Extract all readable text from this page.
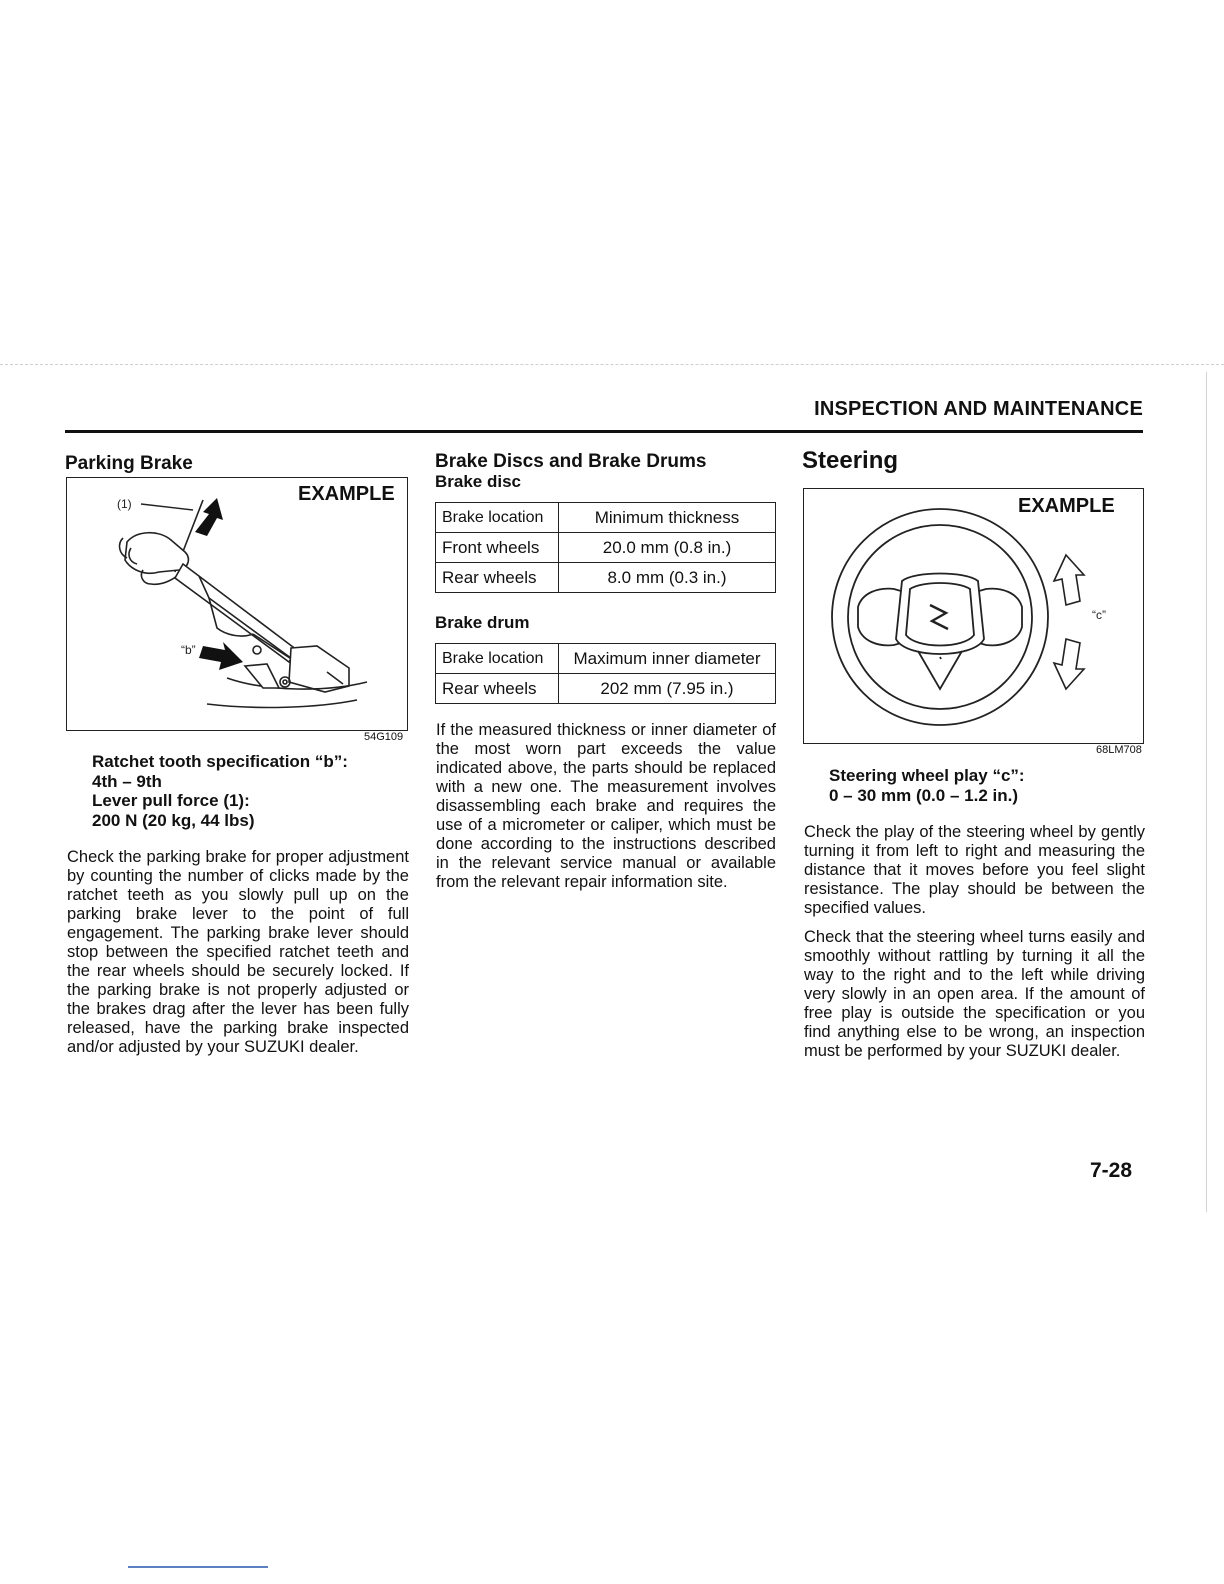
INSPECTION AND MAINTENANCE
Parking Brake
(1)
“b”
EXAMPLE
54G109
Ratchet tooth specification “b”:
4th – 9th
Lever pull force (1):
200 N (20 kg, 44 lbs)

Check the parking brake for proper adjustment by counting the number of clicks made by the ratchet teeth as you slowly pull up on the parking brake lever to the point of full engagement. The parking brake lever should stop between the specified ratchet teeth and the rear wheels should be securely locked. If the parking brake is not properly adjusted or the brakes drag after the lever has been fully released, have the parking brake inspected and/or adjusted by your SUZUKI dealer.

Brake Discs and Brake Drums
Brake disc
Brake location	Minimum thickness
Front wheels	20.0 mm (0.8 in.)
Rear wheels	8.0 mm (0.3 in.)
Brake drum
Brake location	Maximum inner diameter
Rear wheels	202 mm (7.95 in.)

If the measured thickness or inner diameter of the most worn part exceeds the value indicated above, the parts should be replaced with a new one. The measurement involves disassembling each brake and requires the use of a micrometer or caliper, which must be done according to the instructions described in the relevant service manual or available from the relevant repair information site.

Steering
“c”
EXAMPLE
68LM708
Steering wheel play “c”:
0 – 30 mm (0.0 – 1.2 in.)

Check the play of the steering wheel by gently turning it from left to right and measuring the distance that it moves before you feel slight resistance. The play should be between the specified values.

Check that the steering wheel turns easily and smoothly without rattling by turning it all the way to the right and to the left while driving very slowly in an open area. If the amount of free play is outside the specification or you find anything else to be wrong, an inspection must be performed by your SUZUKI dealer.

7-28
